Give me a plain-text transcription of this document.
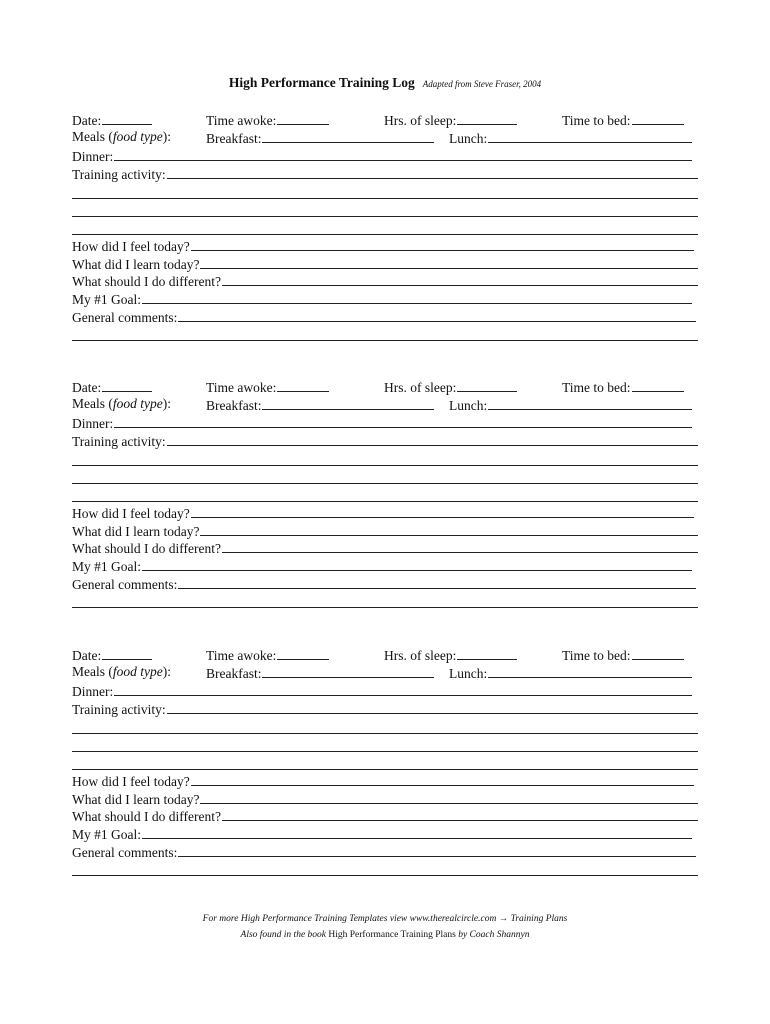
High Performance Training Log Adapted from Steve Fraser, 2004
Date:	Time awoke:	Hrs. of sleep:	Time to bed:
Meals ( food type ):	Breakfast:	Lunch:
Dinner:
Training activity:
How did I feel today?
What did I learn today?
What should I do different?
My #1 Goal:
General comments:
Date:	Time awoke:	Hrs. of sleep:	Time to bed:
Meals ( food type ):	Breakfast:	Lunch:
Dinner:
Training activity:
How did I feel today?
What did I learn today?
What should I do different?
My #1 Goal:
General comments:
Date:	Time awoke:	Hrs. of sleep:	Time to bed:
Meals ( food type ):	Breakfast:	Lunch:
Dinner:
Training activity:
How did I feel today?
What did I learn today?
What should I do different?
My #1 Goal:
General comments:
For more High Performance Training Templates view www.therealcircle.com → Training Plans
Also found in the book High Performance Training Plans by Coach Shannyn
